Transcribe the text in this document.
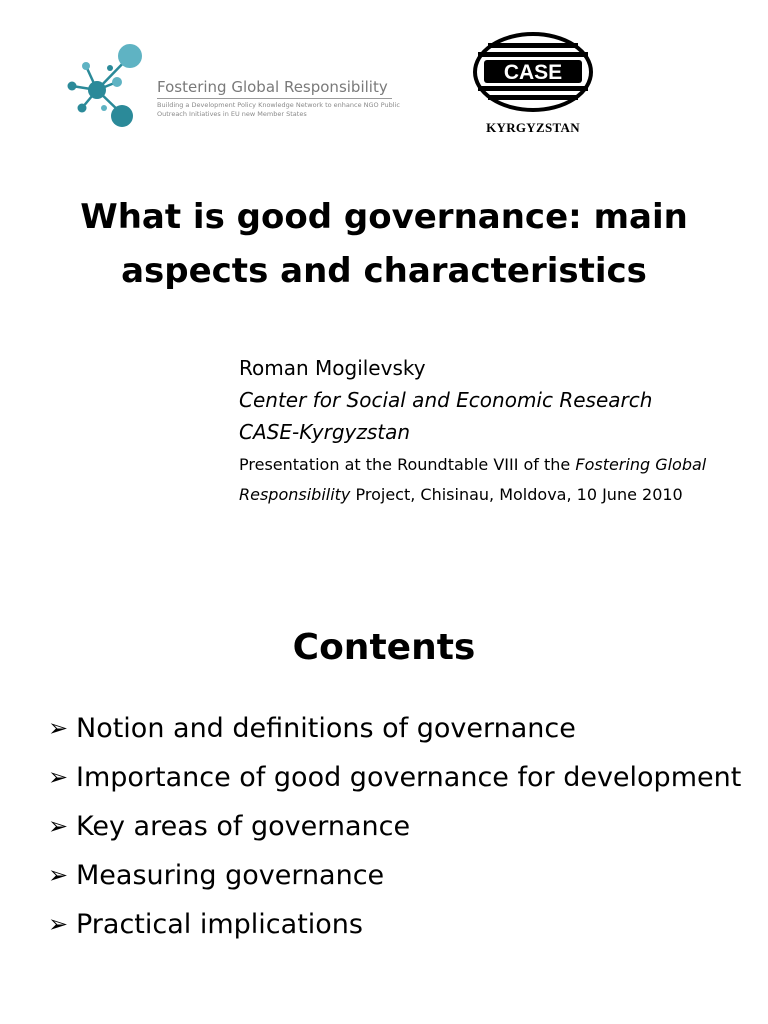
Fostering Global Responsibility
Building a Development Policy Knowledge Network to enhance NGO Public Outreach Initiatives in EU new Member States
CASE
KYRGYZSTAN
What is good governance: main aspects and characteristics
Roman Mogilevsky
Center for Social and Economic Research
CASE-Kyrgyzstan
Presentation at the Roundtable VIII of the Fostering Global Responsibility Project, Chisinau, Moldova, 10 June 2010
Contents
➢ Notion and definitions of governance
➢ Importance of good governance for development
➢ Key areas of governance
➢ Measuring governance
➢ Practical implications
